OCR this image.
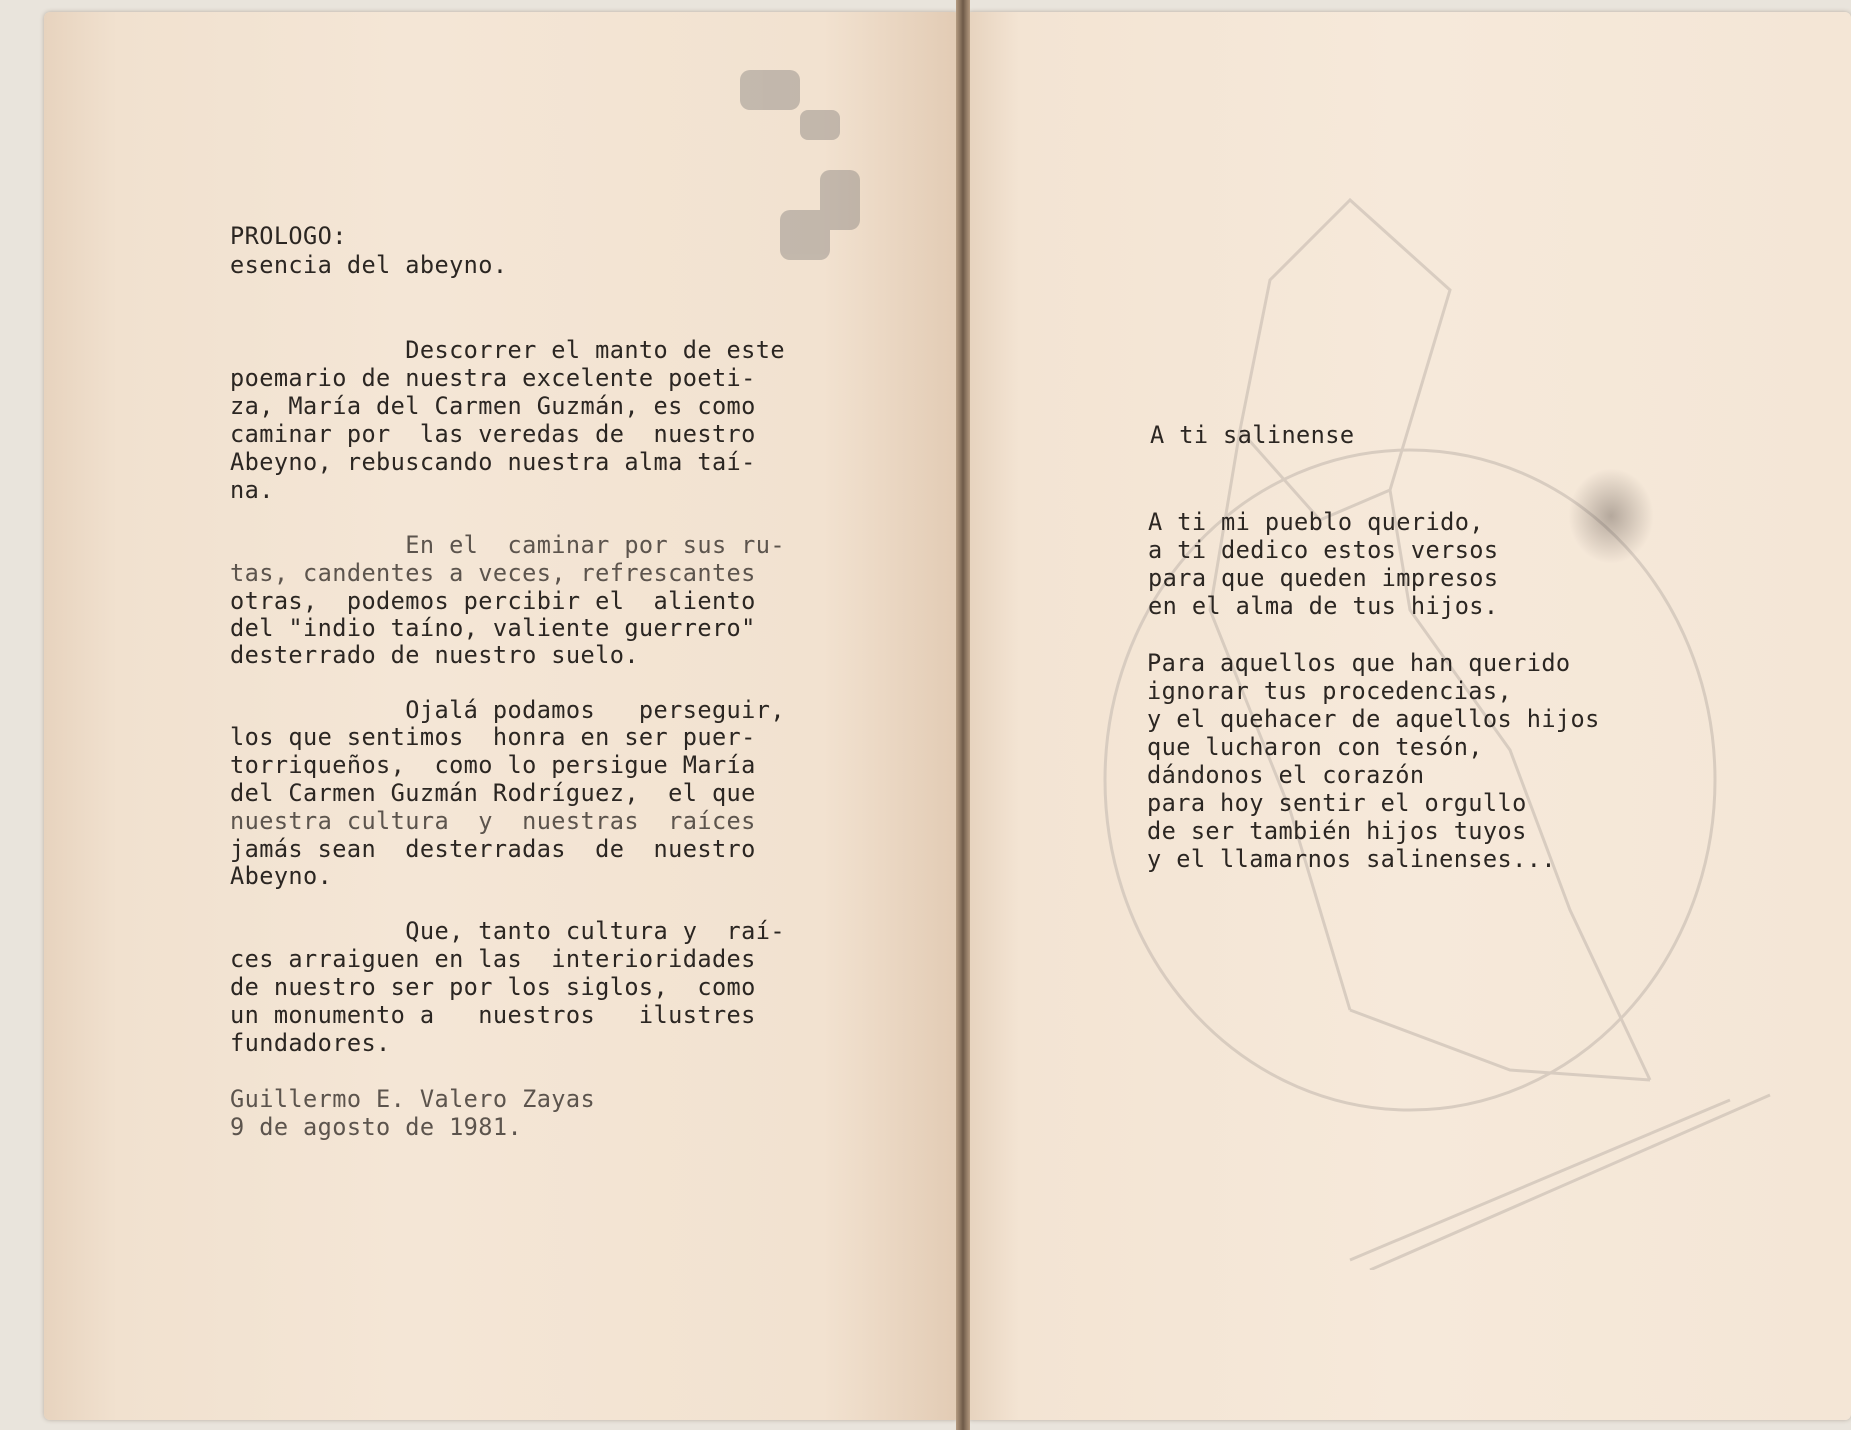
PROLOGO:

esencia del abeyno.

Descorrer el manto de este

poemario de nuestra excelente poeti-

za, María del Carmen Guzmán, es como

caminar por  las veredas de  nuestro

Abeyno, rebuscando nuestra alma taí-

na.

En el  caminar por sus ru-

tas, candentes a veces, refrescantes

otras,  podemos percibir el  aliento

del "indio taíno, valiente guerrero"

desterrado de nuestro suelo.

Ojalá podamos   perseguir,

los que sentimos  honra en ser puer-

torriqueños,  como lo persigue María

del Carmen Guzmán Rodríguez,  el que

nuestra cultura  y  nuestras  raíces

jamás sean  desterradas  de  nuestro

Abeyno.

Que, tanto cultura y  raí-

ces arraiguen en las  interioridades

de nuestro ser por los siglos,  como

un monumento a   nuestros   ilustres

fundadores.

Guillermo E. Valero Zayas

9 de agosto de 1981.

A ti salinense

A ti mi pueblo querido,

a ti dedico estos versos

para que queden impresos

en el alma de tus hijos.

Para aquellos que han querido

ignorar tus procedencias,

y el quehacer de aquellos hijos

que lucharon con tesón,

dándonos el corazón

para hoy sentir el orgullo

de ser también hijos tuyos

y el llamarnos salinenses...
